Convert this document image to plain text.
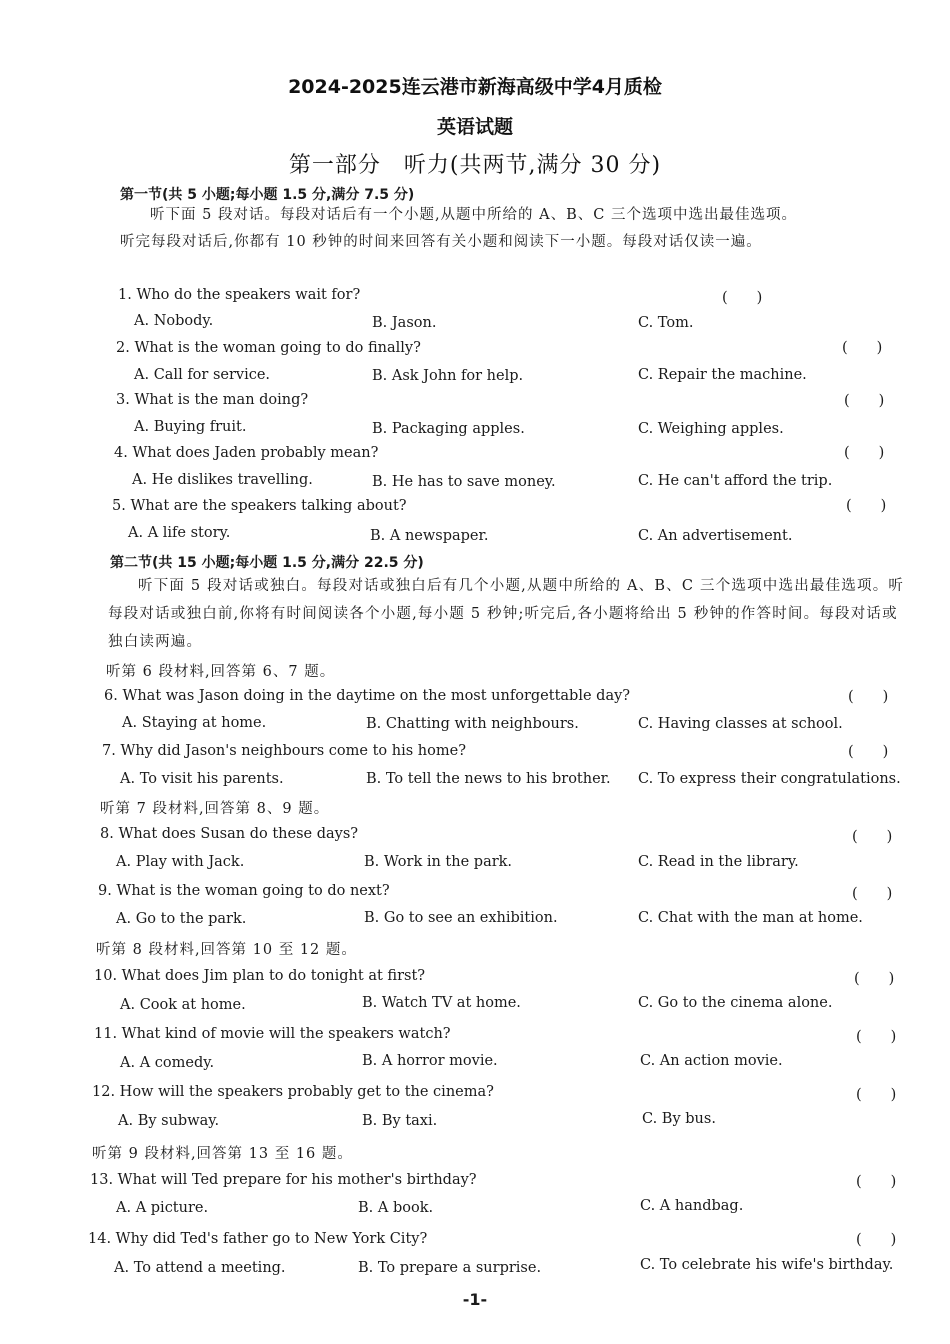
2024-2025连云港市新海高级中学4月质检
英语试题
第一部分　听力(共两节,满分 30 分)
第一节(共 5 小题;每小题 1.5 分,满分 7.5 分)
听下面 5 段对话。每段对话后有一个小题,从题中所给的 A、B、C 三个选项中选出最佳选项。听完每段对话后,你都有 10 秒钟的时间来回答有关小题和阅读下一小题。每段对话仅读一遍。
1. Who do the speakers wait for?	(　　)
A. Nobody.	B. Jason.	C. Tom.
2. What is the woman going to do finally?	(　　)
A. Call for service.	B. Ask John for help.	C. Repair the machine.
3. What is the man doing?	(　　)
A. Buying fruit.	B. Packaging apples.	C. Weighing apples.
4. What does Jaden probably mean?	(　　)
A. He dislikes travelling.	B. He has to save money.	C. He can't afford the trip.
5. What are the speakers talking about?	(　　)
A. A life story.	B. A newspaper.	C. An advertisement.
第二节(共 15 小题;每小题 1.5 分,满分 22.5 分)
听下面 5 段对话或独白。每段对话或独白后有几个小题,从题中所给的 A、B、C 三个选项中选出最佳选项。听每段对话或独白前,你将有时间阅读各个小题,每小题 5 秒钟;听完后,各小题将给出 5 秒钟的作答时间。每段对话或独白读两遍。
听第 6 段材料,回答第 6、7 题。
6. What was Jason doing in the daytime on the most unforgettable day?	(　　)
A. Staying at home.	B. Chatting with neighbours.	C. Having classes at school.
7. Why did Jason's neighbours come to his home?	(　　)
A. To visit his parents.	B. To tell the news to his brother. C. To express their congratulations.
听第 7 段材料,回答第 8、9 题。
8. What does Susan do these days?	(　　)
A. Play with Jack.	B. Work in the park.	C. Read in the library.
9. What is the woman going to do next?	(　　)
A. Go to the park.	B. Go to see an exhibition.	C. Chat with the man at home.
听第 8 段材料,回答第 10 至 12 题。
10. What does Jim plan to do tonight at first?	(　　)
A. Cook at home.	B. Watch TV at home.	C. Go to the cinema alone.
11. What kind of movie will the speakers watch?	(　　)
A. A comedy.	B. A horror movie.	C. An action movie.
12. How will the speakers probably get to the cinema?	(　　)
A. By subway.	B. By taxi.	C. By bus.
听第 9 段材料,回答第 13 至 16 题。
13. What will Ted prepare for his mother's birthday?	(　　)
A. A picture.	B. A book.	C. A handbag.
14. Why did Ted's father go to New York City?	(　　)
A. To attend a meeting.	B. To prepare a surprise.	C. To celebrate his wife's birthday.
-1-
